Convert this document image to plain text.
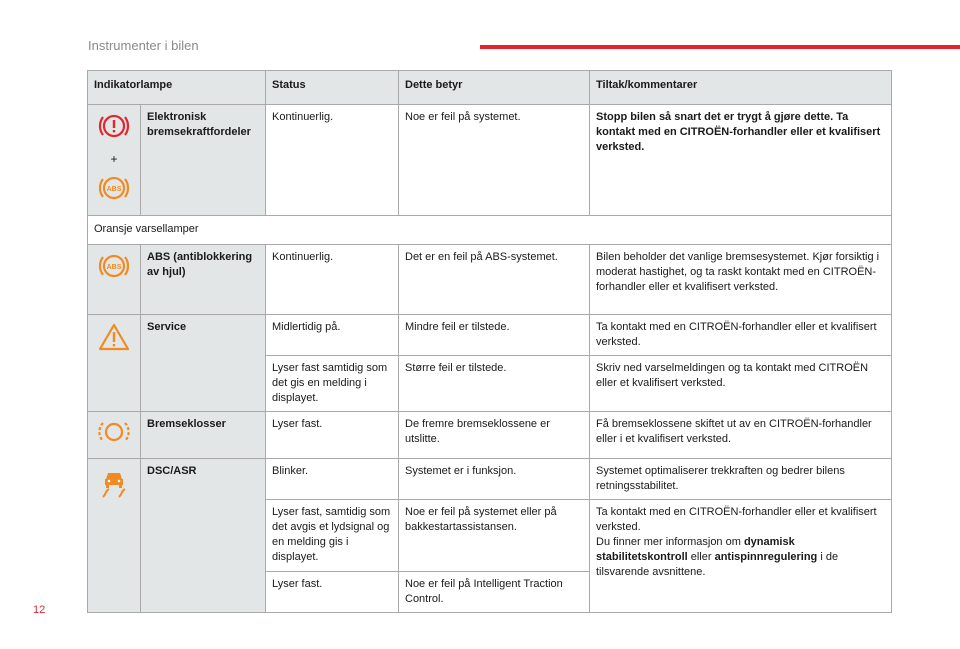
Instrumenter i bilen
12
Indikatorlampe		Status	Dette betyr	Tiltak/kommentarer

+
ABS	Elektronisk bremsekraftfordeler	Kontinuerlig.	Noe er feil på systemet.	Stopp bilen så snart det er trygt å gjøre dette. Ta kontakt med en CITROËN-forhandler eller et kvalifisert verksted.
Oransje varsellamper				

ABS	ABS (antiblokkering av hjul)	Kontinuerlig.	Det er en feil på ABS-systemet.	Bilen beholder det vanlige bremsesystemet. Kjør forsiktig i moderat hastighet, og ta raskt kontakt med en CITROËN-forhandler eller et kvalifisert verksted.
	Service	Midlertidig på.	Mindre feil er tilstede.	Ta kontakt med en CITROËN-forhandler eller et kvalifisert verksted.
		Lyser fast samtidig som det gis en melding i displayet.	Større feil er tilstede.	Skriv ned varselmeldingen og ta kontakt med CITROËN eller et kvalifisert verksted.
	Bremseklosser	Lyser fast.	De fremre bremseklossene er utslitte.	Få bremseklossene skiftet ut av en CITROËN-forhandler eller i et kvalifisert verksted.
	DSC/ASR	Blinker.	Systemet er i funksjon.	Systemet optimaliserer trekkraften og bedrer bilens retningsstabilitet.
		Lyser fast, samtidig som det avgis et lydsignal og en melding gis i displayet.	Noe er feil på systemet eller på bakkestartassistansen.	Ta kontakt med en CITROËN-forhandler eller et kvalifisert verksted.
Du finner mer informasjon om dynamisk stabilitetskontroll eller antispinnregulering i de tilsvarende avsnittene.
		Lyser fast.	Noe er feil på Intelligent Traction Control.	
